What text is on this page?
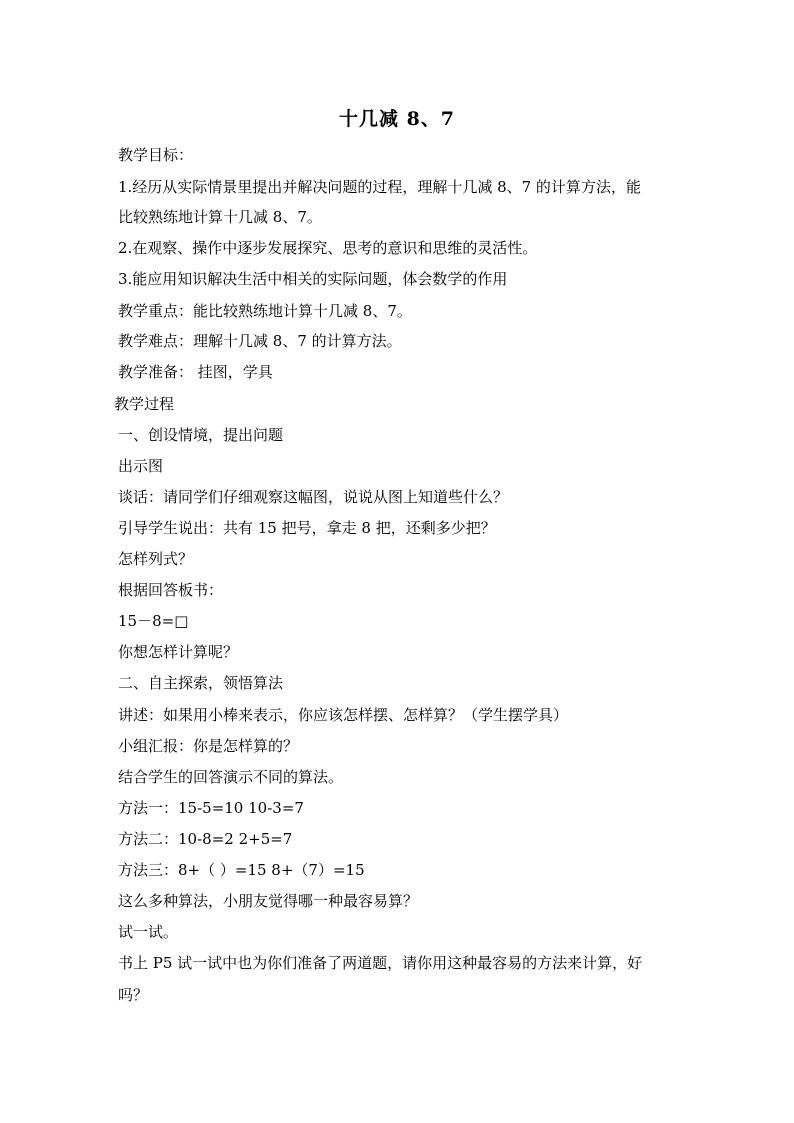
十几减 8、7
教学目标：
1.经历从实际情景里提出并解决问题的过程，理解十几减 8、7 的计算方法，能
比较熟练地计算十几减 8、7。
2.在观察、操作中逐步发展探究、思考的意识和思维的灵活性。
3.能应用知识解决生活中相关的实际问题，体会数学的作用
教学重点：能比较熟练地计算十几减 8、7。
教学难点：理解十几减 8、7 的计算方法。
教学准备： 挂图，学具
教学过程
一、创设情境，提出问题
出示图
谈话：请同学们仔细观察这幅图，说说从图上知道些什么？
引导学生说出：共有 15 把号，拿走 8 把，还剩多少把？
怎样列式？
根据回答板书：
15－8=□
你想怎样计算呢？
二、自主探索，领悟算法
讲述：如果用小棒来表示，你应该怎样摆、怎样算？（学生摆学具）
小组汇报：你是怎样算的？
结合学生的回答演示不同的算法。
方法一：15-5=10 10-3=7
方法二：10-8=2 2+5=7
方法三：8+（ ）=15 8+（7）=15
这么多种算法，小朋友觉得哪一种最容易算？
试一试。
书上 P5 试一试中也为你们准备了两道题，请你用这种最容易的方法来计算，好
吗？
